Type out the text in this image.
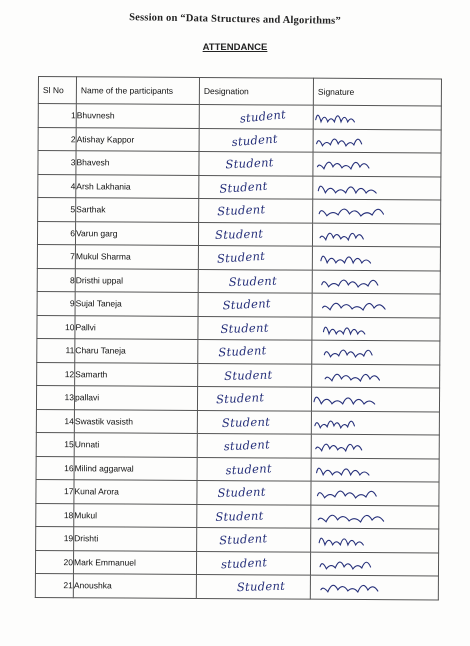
Session on “Data Structures and Algorithms”
ATTENDANCE
Sl No	Name of the participants	Designation	Signature
1	Bhuvnesh	student	

2	Atishay Kappor	student	

3	Bhavesh	Student	

4	Arsh Lakhania	Student	

5	Sarthak	Student	

6	Varun garg	Student	

7	Mukul Sharma	Student	

8	Dristhi uppal	Student	

9	Sujal Taneja	Student	

10	Pallvi	Student	

11	Charu Taneja	Student	

12	Samarth	Student	

13	pallavi	Student	

14	Swastik vasisth	Student	

15	Unnati	student	

16	Milind aggarwal	student	

17	Kunal Arora	Student	

18	Mukul	Student	

19	Drishti	Student	

20	Mark Emmanuel	student	

21	Anoushka	Student	
